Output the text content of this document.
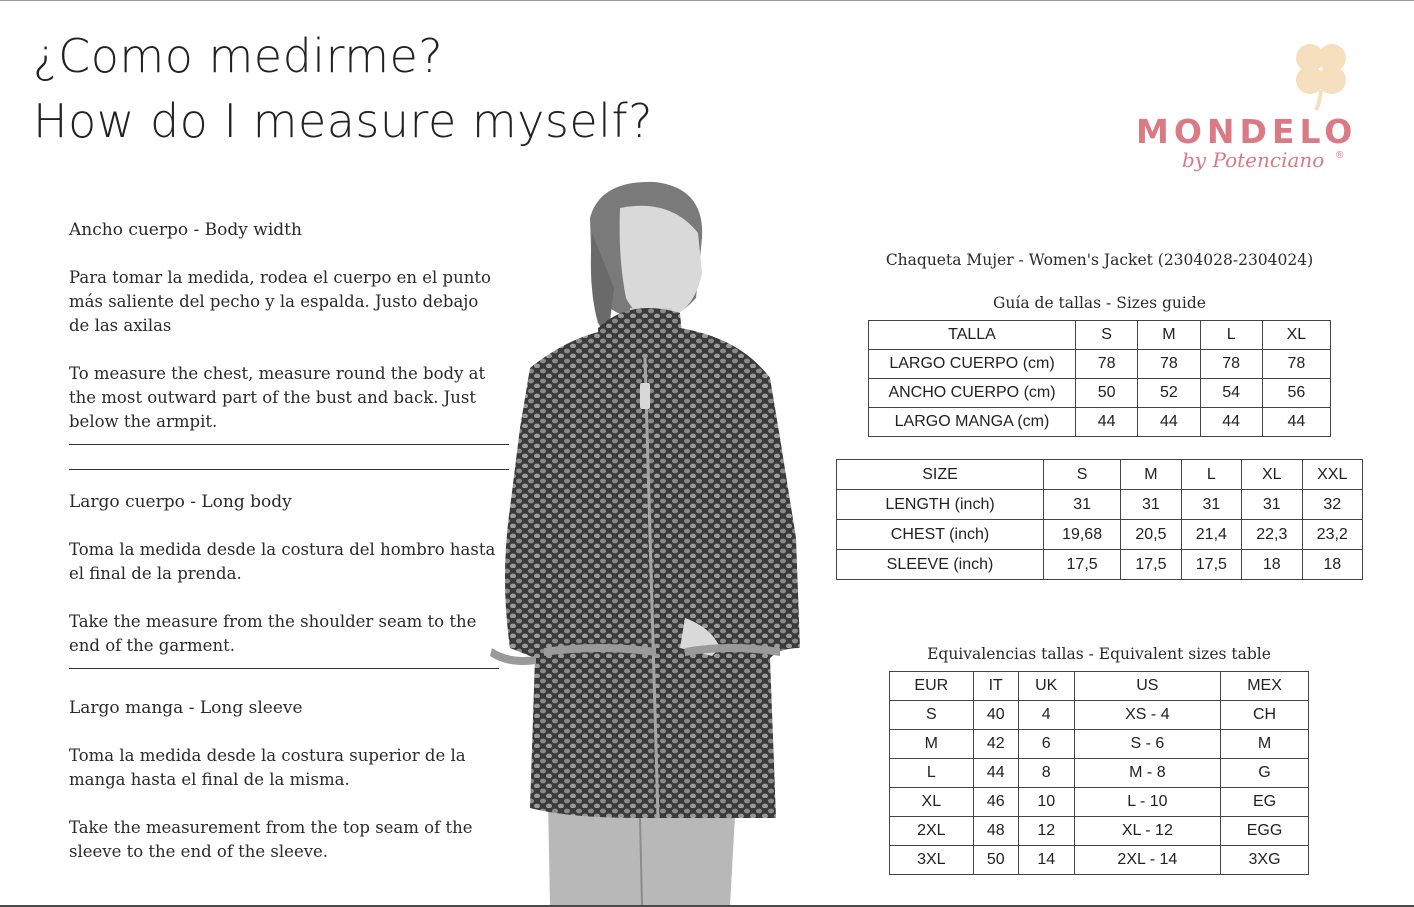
¿Como medirme?
How do I measure myself?	MONDELO
by Potenciano ®
Ancho cuerpo - Body width
Para tomar la medida, rodea el cuerpo en el punto
más saliente del pecho y la espalda. Justo debajo
de las axilas
To measure the chest, measure round the body at
the most outward part of the bust and back. Just
below the armpit.
Largo cuerpo - Long body
Toma la medida desde la costura del hombro hasta
el final de la prenda.
Take the measure from the shoulder seam to the
end of the garment.
Largo manga - Long sleeve
Toma la medida desde la costura superior de la
manga hasta el final de la misma.
Take the measurement from the top seam of the
sleeve to the end of the sleeve.
Chaqueta Mujer - Women's Jacket (2304028-2304024)
Guía de tallas - Sizes guide
TALLA	S	M	L	XL
LARGO CUERPO (cm)	78	78	78	78
ANCHO CUERPO (cm)	50	52	54	56
LARGO MANGA (cm)	44	44	44	44
SIZE	S	M	L	XL	XXL
LENGTH (inch)	31	31	31	31	32
CHEST (inch)	19,68	20,5	21,4	22,3	23,2
SLEEVE (inch)	17,5	17,5	17,5	18	18
Equivalencias tallas - Equivalent sizes table
EUR	IT	UK	US	MEX
S	40	4	XS - 4	CH
M	42	6	S - 6	M
L	44	8	M - 8	G
XL	46	10	L - 10	EG
2XL	48	12	XL - 12	EGG
3XL	50	14	2XL - 14	3XG
